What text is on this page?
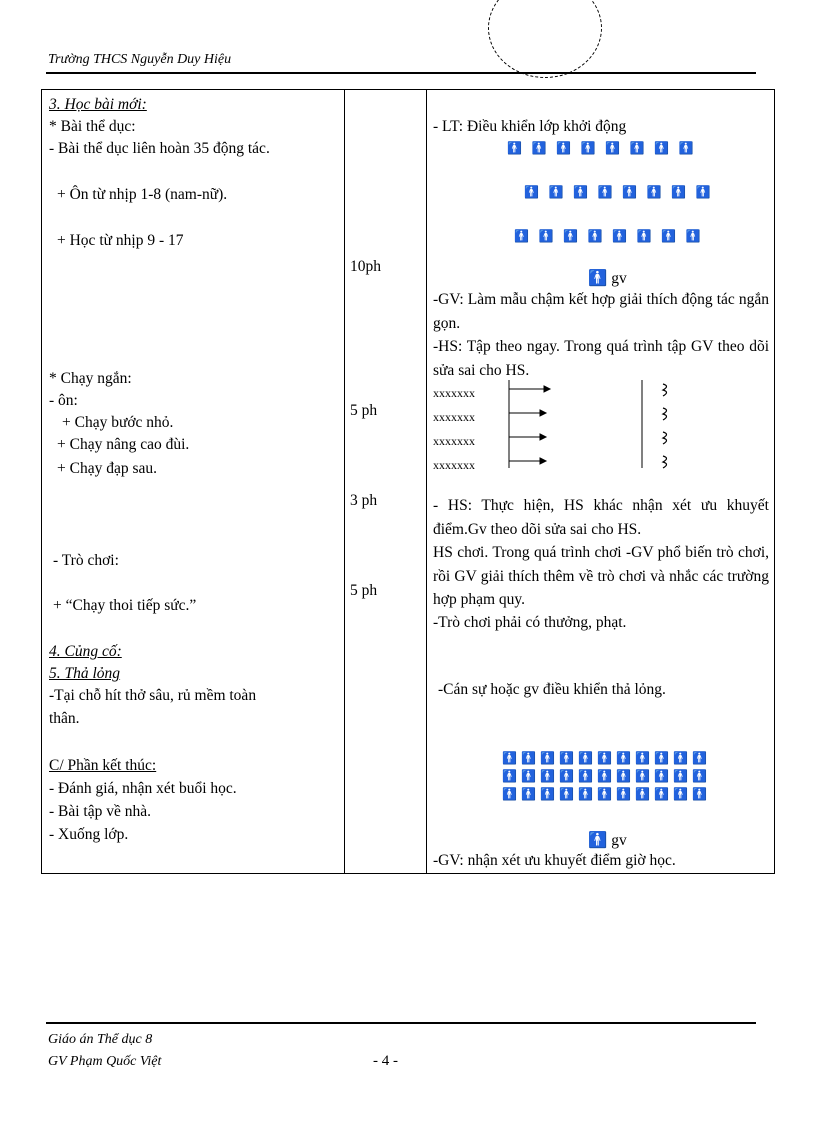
Trường THCS Nguyễn Duy Hiệu
3. Học bài mới:
* Bài thể dục:
- Bài thể dục liên hoàn 35 động tác.
+ Ôn từ nhịp 1-8 (nam-nữ).
+ Học từ nhịp 9 - 17
* Chạy ngắn:
- ôn:
+ Chạy bước nhỏ.
+ Chạy nâng cao đùi.
+ Chạy đạp sau.
- Trò chơi:
+ “Chạy thoi tiếp sức.”
4. Củng cố:
5. Thả lỏng
-Tại chỗ hít thở sâu, rủ mềm toàn
thân.
C/ Phần kết thúc:
- Đánh giá, nhận xét buổi học.
- Bài tập về nhà.
- Xuống lớp.
10ph
5 ph
3 ph
5 ph
- LT: Điều khiển lớp khởi động
🚹 🚹 🚹 🚹 🚹 🚹 🚹 🚹
🚹 🚹 🚹 🚹 🚹 🚹 🚹 🚹
🚹 🚹 🚹 🚹 🚹 🚹 🚹 🚹
🚹 gv
-GV: Làm mẫu chậm kết hợp giải thích động tác ngắn gọn.
-HS: Tập theo ngay. Trong quá trình tập GV theo dõi sửa sai cho HS.
xxxxxxx
xxxxxxx
xxxxxxx
xxxxxxx
- HS: Thực hiện, HS khác nhận xét ưu khuyết điểm.Gv theo dõi sửa sai cho HS.
HS chơi. Trong quá trình chơi -GV phổ biến trò chơi, rồi GV giải thích thêm về trò chơi và nhắc các trường hợp phạm quy.
-Trò chơi phải có thưởng, phạt.
-Cán sự hoặc gv điều khiển thả lỏng.
🚹 🚹 🚹 🚹 🚹 🚹 🚹 🚹 🚹 🚹 🚹
🚹 🚹 🚹 🚹 🚹 🚹 🚹 🚹 🚹 🚹 🚹
🚹 🚹 🚹 🚹 🚹 🚹 🚹 🚹 🚹 🚹 🚹
🚹 gv
-GV: nhận xét ưu khuyết điểm giờ học.
Giáo án Thể dục 8
GV Phạm Quốc Việt	- 4 -
